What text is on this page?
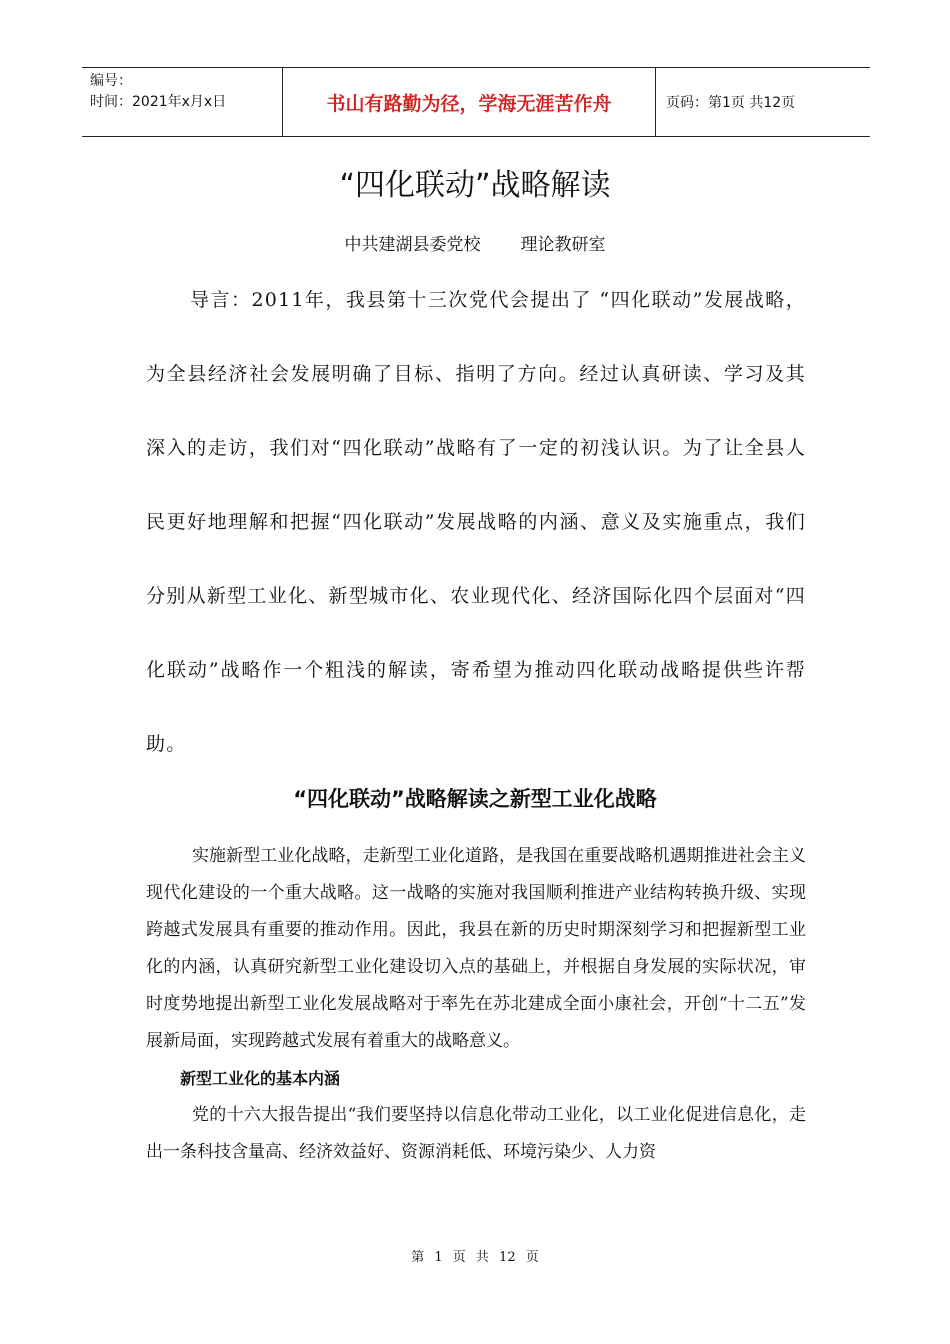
编号：
时间：2021年x月x日	书山有路勤为径，学海无涯苦作舟	页码：第1页 共12页
“四化联动”战略解读
中共建湖县委党校 理论教研室

导言：2011年，我县第十三次党代会提出了 “四化联动”发展战略，为全县经济社会发展明确了目标、指明了方向。经过认真研读、学习及其深入的走访，我们对“四化联动”战略有了一定的初浅认识。为了让全县人民更好地理解和把握“四化联动”发展战略的内涵、意义及实施重点，我们分别从新型工业化、新型城市化、农业现代化、经济国际化四个层面对“四化联动”战略作一个粗浅的解读，寄希望为推动四化联动战略提供些许帮助。

“四化联动”战略解读之新型工业化战略

实施新型工业化战略，走新型工业化道路，是我国在重要战略机遇期推进社会主义现代化建设的一个重大战略。这一战略的实施对我国顺利推进产业结构转换升级、实现跨越式发展具有重要的推动作用。因此，我县在新的历史时期深刻学习和把握新型工业化的内涵，认真研究新型工业化建设切入点的基础上，并根据自身发展的实际状况，审时度势地提出新型工业化发展战略对于率先在苏北建成全面小康社会，开创“十二五”发展新局面，实现跨越式发展有着重大的战略意义。

新型工业化的基本内涵

党的十六大报告提出“我们要坚持以信息化带动工业化，以工业化促进信息化，走出一条科技含量高、经济效益好、资源消耗低、环境污染少、人力资

第 1 页 共 12 页
